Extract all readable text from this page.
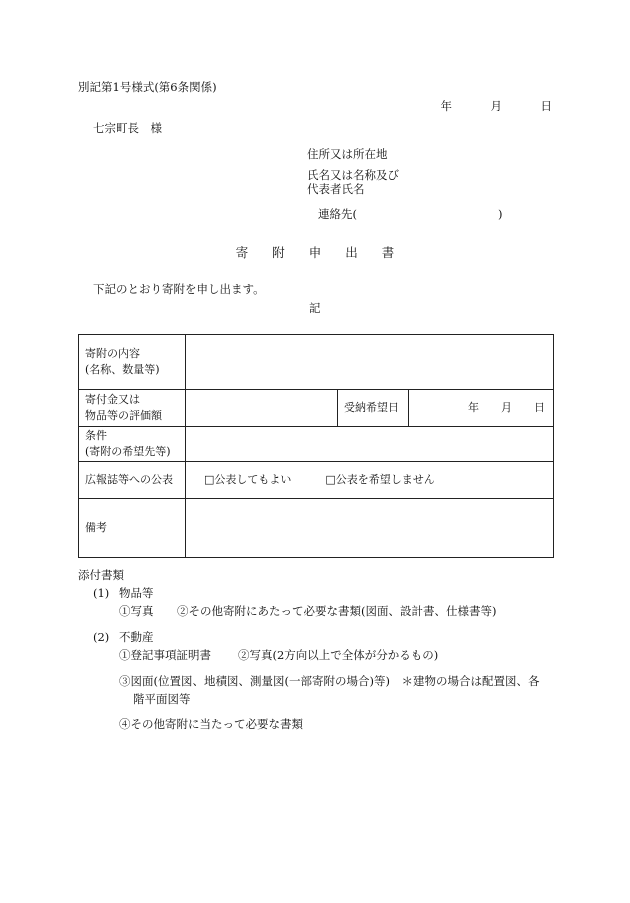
別記第1号様式(第6条関係)
年	月	日
七宗町長　様
住所又は所在地
氏名又は名称及び
代表者氏名
連絡先(	)
寄 附 申 出 書
下記のとおり寄附を申し出ます。
記
寄附の内容
(名称、数量等)			

寄付金又は
物品等の評価額		受納希望日	年 月 日

条件
(寄附の希望先等)			

広報誌等への公表	□公表してもよい □公表を希望しません		
備考			
添付書類
(1) 物品等
①写真 ②その他寄附にあたって必要な書類(図面、設計書、仕様書等)
(2) 不動産
①登記事項証明書 ②写真(2方向以上で全体が分かるもの)
③図面(位置図、地積図、測量図(一部寄附の場合)等)　＊建物の場合は配置図、各
階平面図等
④その他寄附に当たって必要な書類
